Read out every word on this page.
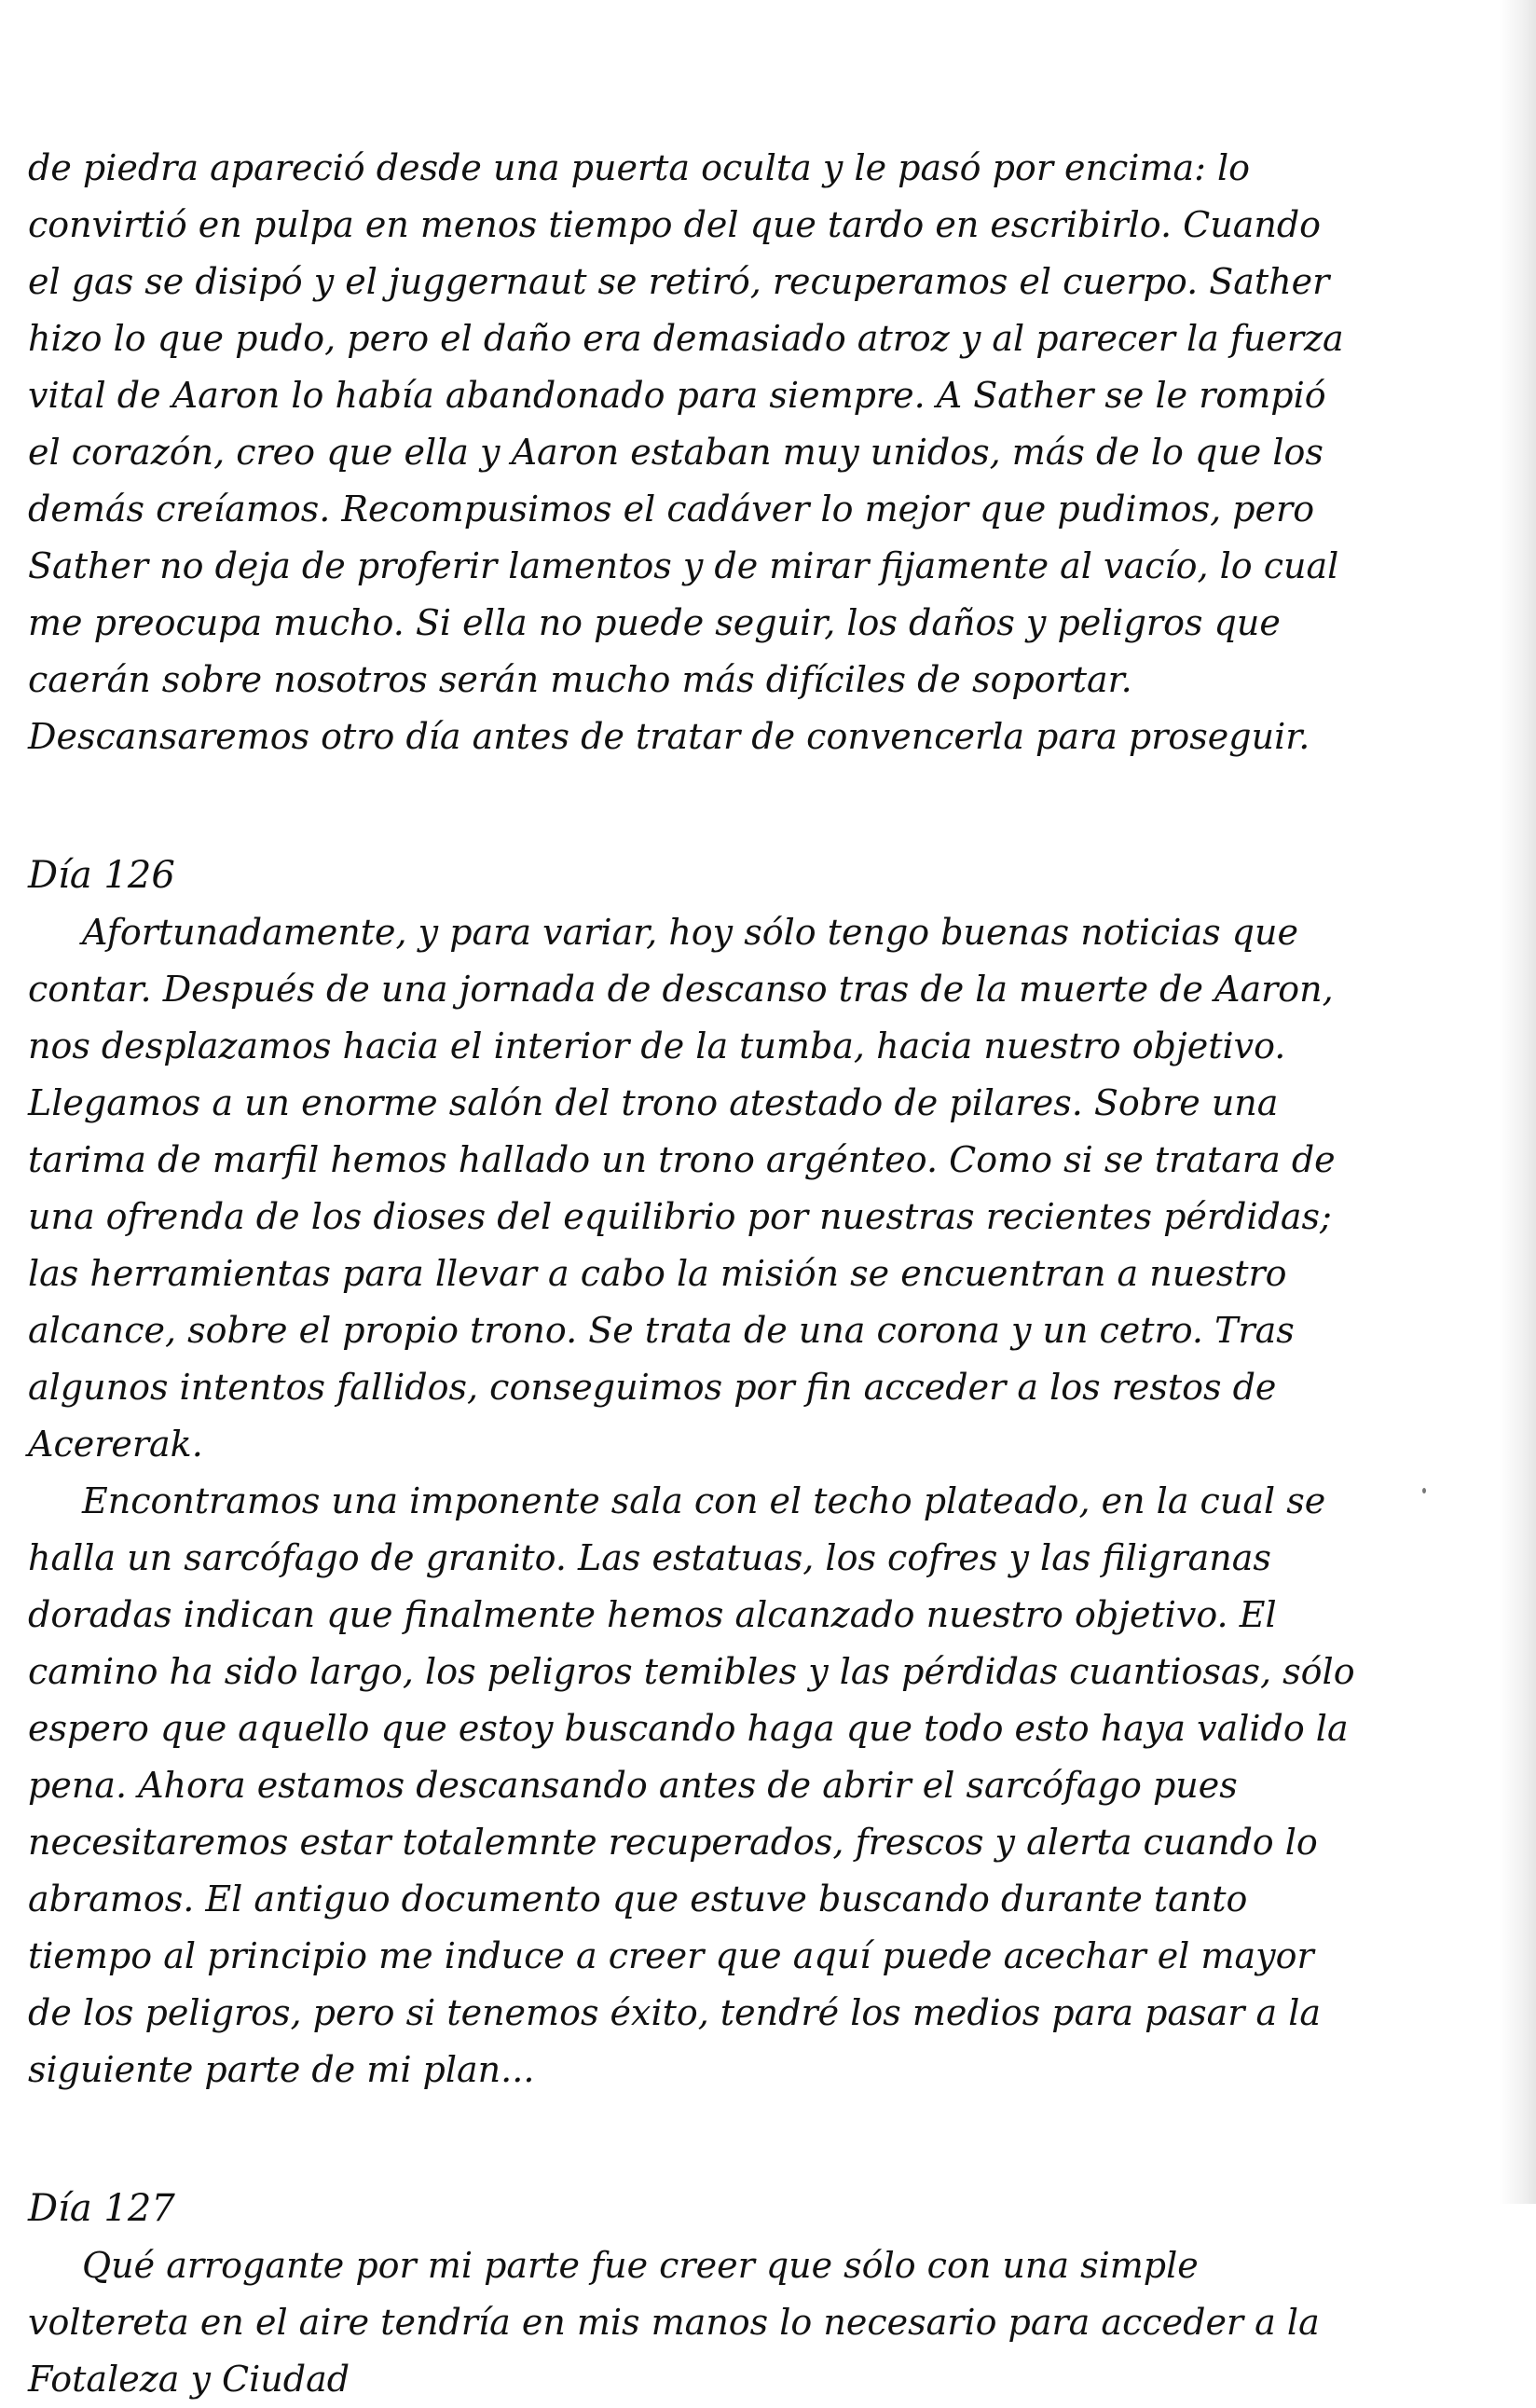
de piedra apareció desde una puerta oculta y le pasó por encima: lo convirtió en pulpa en menos tiempo del que tardo en escribirlo. Cuando el gas se disipó y el juggernaut se retiró, recuperamos el cuerpo. Sather hizo lo que pudo, pero el daño era demasiado atroz y al parecer la fuerza vital de Aaron lo había abandonado para siempre. A Sather se le rompió el corazón, creo que ella y Aaron estaban muy unidos, más de lo que los demás creíamos. Recompusimos el cadáver lo mejor que pudimos, pero Sather no deja de proferir lamentos y de mirar fijamente al vacío, lo cual me preocupa mucho. Si ella no puede seguir, los daños y peligros que caerán sobre nosotros serán mucho más difíciles de soportar. Descansaremos otro día antes de tratar de convencerla para proseguir.

Día 126

Afortunadamente, y para variar, hoy sólo tengo buenas noticias que contar. Después de una jornada de descanso tras de la muerte de Aaron, nos desplazamos hacia el interior de la tumba, hacia nuestro objetivo. Llegamos a un enorme salón del trono atestado de pilares. Sobre una tarima de marfil hemos hallado un trono argénteo. Como si se tratara de una ofrenda de los dioses del equilibrio por nuestras recientes pérdidas; las herramientas para llevar a cabo la misión se encuentran a nuestro alcance, sobre el propio trono. Se trata de una corona y un cetro. Tras algunos intentos fallidos, conseguimos por fin acceder a los restos de Acererak.

Encontramos una imponente sala con el techo plateado, en la cual se halla un sarcófago de granito. Las estatuas, los cofres y las filigranas doradas indican que finalmente hemos alcanzado nuestro objetivo. El camino ha sido largo, los peligros temibles y las pérdidas cuantiosas, sólo espero que aquello que estoy buscando haga que todo esto haya valido la pena. Ahora estamos descansando antes de abrir el sarcófago pues necesitaremos estar totalemnte recuperados, frescos y alerta cuando lo abramos. El antiguo documento que estuve buscando durante tanto tiempo al principio me induce a creer que aquí puede acechar el mayor de los peligros, pero si tenemos éxito, tendré los medios para pasar a la siguiente parte de mi plan...

Día 127

Qué arrogante por mi parte fue creer que sólo con una simple voltereta en el aire tendría en mis manos lo necesario para acceder a la Fotaleza y Ciudad
